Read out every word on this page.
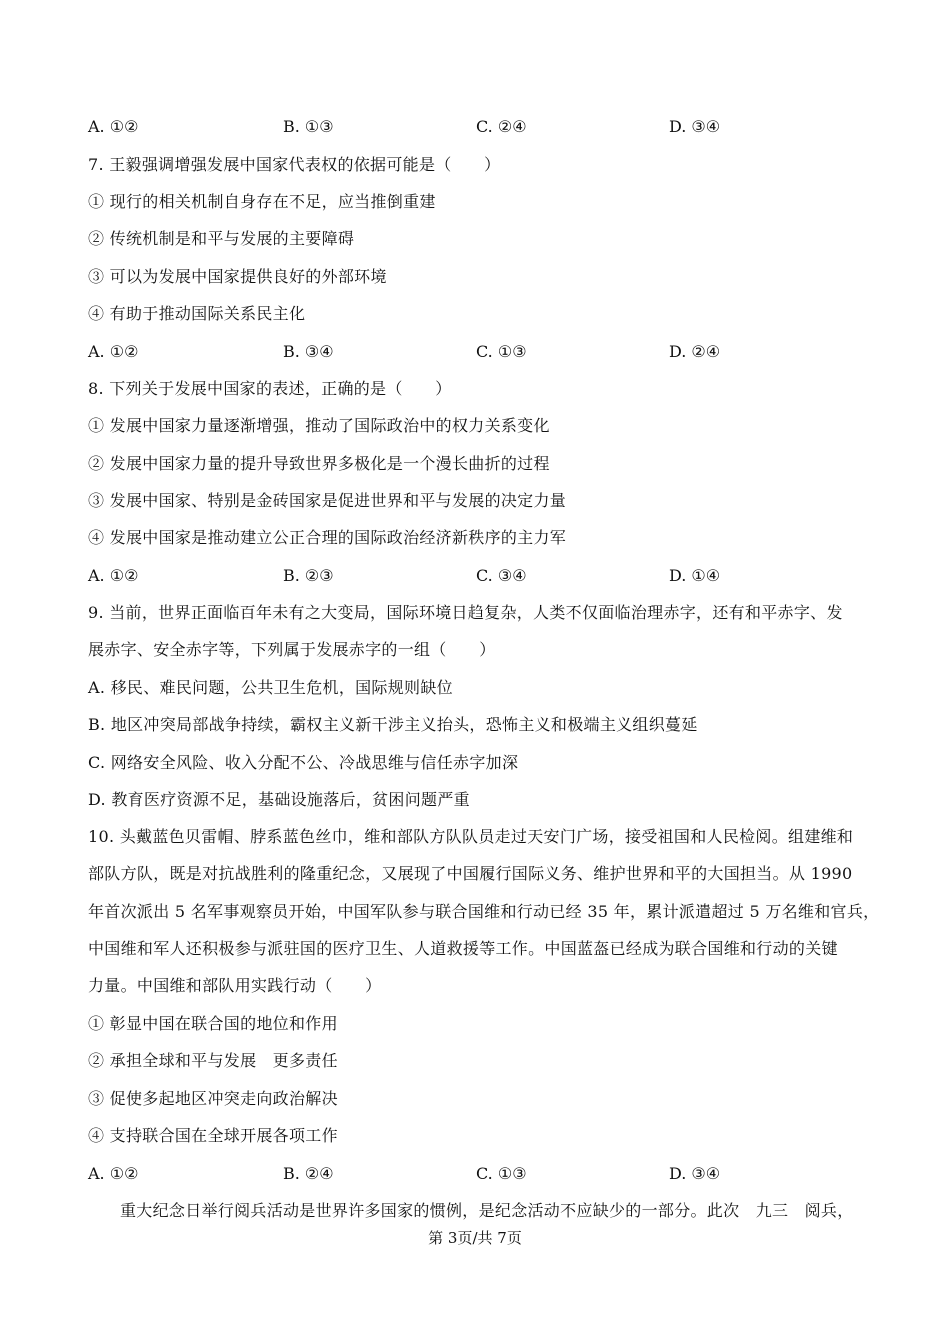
A. ①②	B. ①③	C. ②④	D. ③④
7. 王毅强调增强发展中国家代表权的依据可能是（　　）
① 现行的相关机制自身存在不足，应当推倒重建
② 传统机制是和平与发展的主要障碍
③ 可以为发展中国家提供良好的外部环境
④ 有助于推动国际关系民主化
A. ①②	B. ③④	C. ①③	D. ②④
8. 下列关于发展中国家的表述，正确的是（　　）
① 发展中国家力量逐渐增强，推动了国际政治中的权力关系变化
② 发展中国家力量的提升导致世界多极化是一个漫长曲折的过程
③ 发展中国家、特别是金砖国家是促进世界和平与发展的决定力量
④ 发展中国家是推动建立公正合理的国际政治经济新秩序的主力军
A. ①②	B. ②③	C. ③④	D. ①④
9. 当前，世界正面临百年未有之大变局，国际环境日趋复杂，人类不仅面临治理赤字，还有和平赤字、发
展赤字、安全赤字等，下列属于发展赤字的一组（　　）
A. 移民、难民问题，公共卫生危机，国际规则缺位
B. 地区冲突局部战争持续，霸权主义新干涉主义抬头，恐怖主义和极端主义组织蔓延
C. 网络安全风险、收入分配不公、冷战思维与信任赤字加深
D. 教育医疗资源不足，基础设施落后，贫困问题严重
10. 头戴蓝色贝雷帽、脖系蓝色丝巾，维和部队方队队员走过天安门广场，接受祖国和人民检阅。组建维和
部队方队，既是对抗战胜利的隆重纪念，又展现了中国履行国际义务、维护世界和平的大国担当。从 1990
年首次派出 5 名军事观察员开始，中国军队参与联合国维和行动已经 35 年，累计派遣超过 5 万名维和官兵，
中国维和军人还积极参与派驻国的医疗卫生、人道救援等工作。中国蓝盔已经成为联合国维和行动的关键
力量。中国维和部队用实践行动（　　）
① 彰显中国在联合国的地位和作用
② 承担全球和平与发展　更多责任
③ 促使多起地区冲突走向政治解决
④ 支持联合国在全球开展各项工作
A. ①②	B. ②④	C. ①③	D. ③④
重大纪念日举行阅兵活动是世界许多国家的惯例，是纪念活动不应缺少的一部分。此次　九三　阅兵，
第 3页/共 7页
